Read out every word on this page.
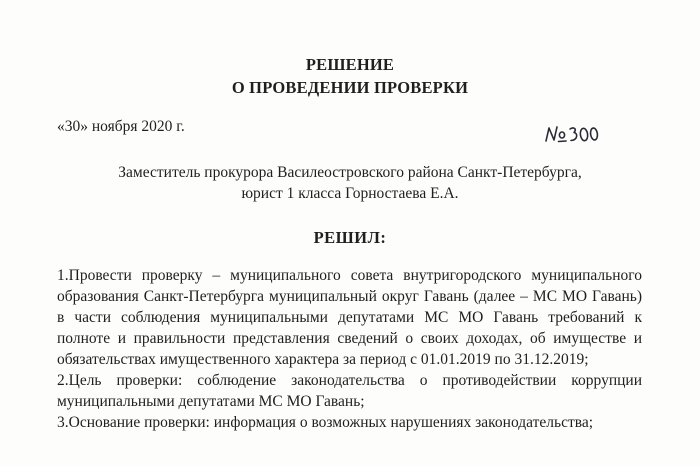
РЕШЕНИЕ
О ПРОВЕДЕНИИ ПРОВЕРКИ
«30» ноября 2020 г.
Заместитель прокурора Василеостровского района Санкт-Петербурга,
юрист 1 класса Горностаева Е.А.
РЕШИЛ:

1.Провести проверку – муниципального совета внутригородского муниципального образования Санкт-Петербурга муниципальный округ Гавань (далее – МС МО Гавань) в части соблюдения муниципальными депутатами МС МО Гавань требований к полноте и правильности представления сведений о своих доходах, об имуществе и обязательствах имущественного характера за период с 01.01.2019 по 31.12.2019;

2.Цель проверки: соблюдение законодательства о противодействии коррупции муниципальными депутатами МС МО Гавань;

3.Основание проверки: информация о возможных нарушениях законодательства;
